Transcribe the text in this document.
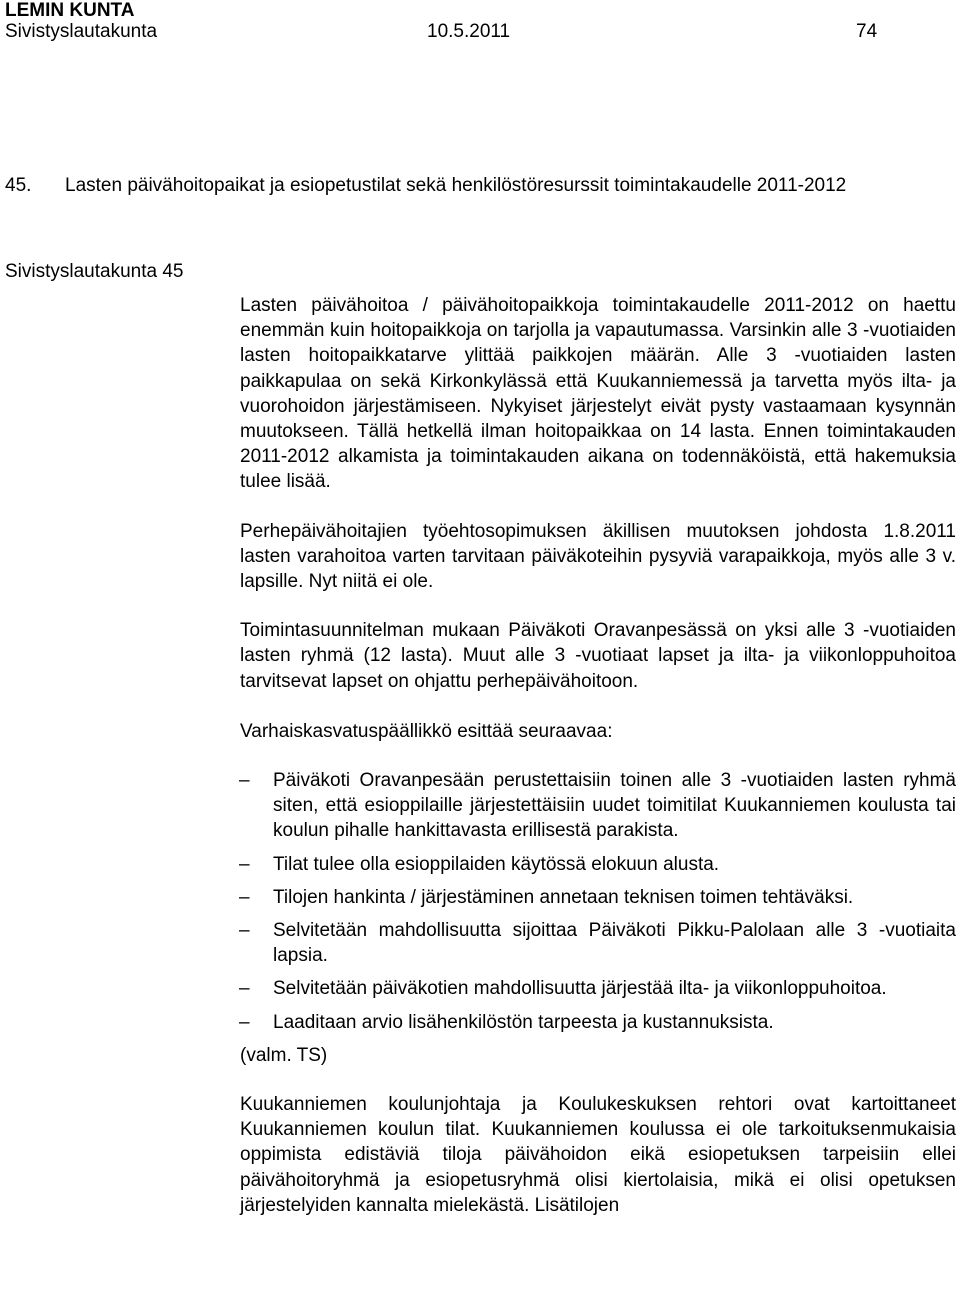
LEMIN KUNTA
Sivistyslautakunta	10.5.2011	74
45. Lasten päivähoitopaikat ja esiopetustilat sekä henkilöstöresurssit toimintakaudelle 2011-2012
Sivistyslautakunta 45

Lasten päivähoitoa / päivähoitopaikkoja toimintakaudelle 2011-2012 on haettu enemmän kuin hoitopaikkoja on tarjolla ja vapautumassa. Varsinkin alle 3 -vuotiaiden lasten hoitopaikkatarve ylittää paikkojen määrän. Alle 3 -vuotiaiden lasten paikkapulaa on sekä Kirkonkylässä että Kuukanniemessä ja tarvetta myös ilta- ja vuorohoidon järjestämiseen. Nykyiset järjestelyt eivät pysty vastaamaan kysynnän muutokseen. Tällä hetkellä ilman hoitopaikkaa on 14 lasta. Ennen toimintakauden 2011-2012 alkamista ja toimintakauden aikana on todennäköistä, että hakemuksia tulee lisää.

Perhepäivähoitajien työehtosopimuksen äkillisen muutoksen johdosta 1.8.2011 lasten varahoitoa varten tarvitaan päiväkoteihin pysyviä varapaikkoja, myös alle 3 v. lapsille. Nyt niitä ei ole.

Toimintasuunnitelman mukaan Päiväkoti Oravanpesässä on yksi alle 3 -vuotiaiden lasten ryhmä (12 lasta). Muut alle 3 -vuotiaat lapset ja ilta- ja viikonloppuhoitoa tarvitsevat lapset on ohjattu perhepäivähoitoon.

Varhaiskasvatuspäällikkö esittää seuraavaa:

–	Päiväkoti Oravanpesään perustettaisiin toinen alle 3 -vuotiaiden lasten ryhmä siten, että esioppilaille järjestettäisiin uudet toimitilat Kuukanniemen koulusta tai koulun pihalle hankittavasta erillisestä parakista.
–	Tilat tulee olla esioppilaiden käytössä elokuun alusta.
–	Tilojen hankinta / järjestäminen annetaan teknisen toimen tehtäväksi.
–	Selvitetään mahdollisuutta sijoittaa Päiväkoti Pikku-Palolaan alle 3 -vuotiaita lapsia.
–	Selvitetään päiväkotien mahdollisuutta järjestää ilta- ja viikonloppuhoitoa.
–	Laaditaan arvio lisähenkilöstön tarpeesta ja kustannuksista.

(valm. TS)

Kuukanniemen koulunjohtaja ja Koulukeskuksen rehtori ovat kartoittaneet Kuukanniemen koulun tilat. Kuukanniemen koulussa ei ole tarkoituksenmukaisia oppimista edistäviä tiloja päivähoidon eikä esiopetuksen tarpeisiin ellei päivähoitoryhmä ja esiopetusryhmä olisi kiertolaisia, mikä ei olisi opetuksen järjestelyiden kannalta mielekästä. Lisätilojen
